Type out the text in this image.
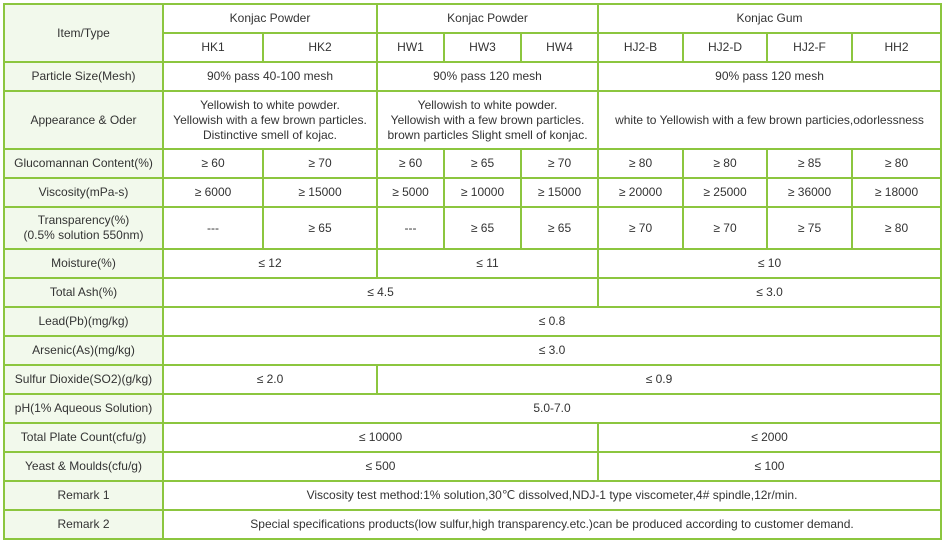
Item/Type	Konjac Powder		Konjac Powder			Konjac Gum			
	HK1	HK2	HW1	HW3	HW4	HJ2-B	HJ2-D	HJ2-F	HH2
Particle Size(Mesh)	90% pass 40-100 mesh		90% pass 120 mesh			90% pass 120 mesh			
Appearance & Oder	Yellowish to white powder.
Yellowish with a few brown particles.
Distinctive smell of kojac.		Yellowish to white powder.
Yellowish with a few brown particles.
brown particles Slight smell of konjac.			white to Yellowish with a few brown particies,odorlessness			
Glucomannan Content(%)	≥ 60	≥ 70	≥ 60	≥ 65	≥ 70	≥ 80	≥ 80	≥ 85	≥ 80
Viscosity(mPa-s)	≥ 6000	≥ 15000	≥ 5000	≥ 10000	≥ 15000	≥ 20000	≥ 25000	≥ 36000	≥ 18000
Transparency(%)
(0.5% solution 550nm)	---	≥ 65	---	≥ 65	≥ 65	≥ 70	≥ 70	≥ 75	≥ 80
Moisture(%)	≤ 12		≤ 11			≤ 10			
Total Ash(%)	≤ 4.5					≤ 3.0			
Lead(Pb)(mg/kg)	≤ 0.8								
Arsenic(As)(mg/kg)	≤ 3.0								
Sulfur Dioxide(SO2)(g/kg)	≤ 2.0		≤ 0.9						
pH(1% Aqueous Solution)	5.0-7.0								
Total Plate Count(cfu/g)	≤ 10000					≤ 2000			
Yeast & Moulds(cfu/g)	≤ 500					≤ 100			
Remark 1	Viscosity test method:1% solution,30℃ dissolved,NDJ-1 type viscometer,4# spindle,12r/min.								
Remark 2	Special specifications products(low sulfur,high transparency.etc.)can be produced according to customer demand.								
